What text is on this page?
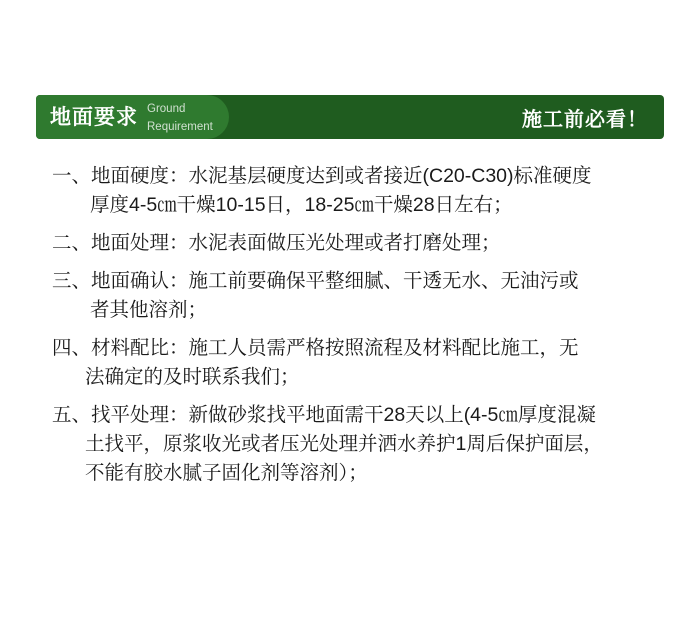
地面要求 Ground
Requirement	施工前必看！
一、地面硬度：水泥基层硬度达到或者接近(C20-C30)标准硬度
厚度4-5㎝干燥10-15日，18-25㎝干燥28日左右；
二、地面处理：水泥表面做压光处理或者打磨处理；
三、地面确认：施工前要确保平整细腻、干透无水、无油污或
者其他溶剂；
四、材料配比：施工人员需严格按照流程及材料配比施工，无
法确定的及时联系我们；
五、找平处理：新做砂浆找平地面需干28天以上(4-5㎝厚度混凝
土找平，原浆收光或者压光处理并洒水养护1周后保护面层，
不能有胶水腻子固化剂等溶剂）；
